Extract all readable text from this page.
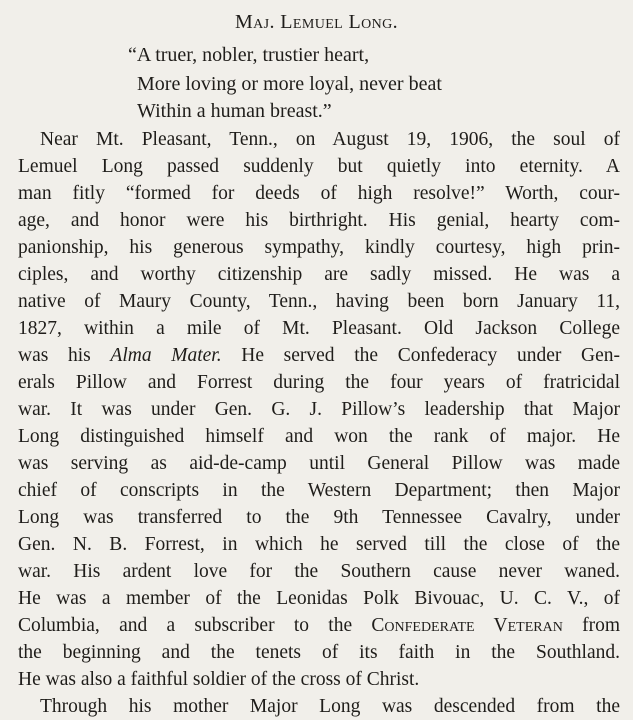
Maj. Lemuel Long.
“A truer, nobler, trustier heart,
More loving or more loyal, never beat
Within a human breast.”
Near Mt. Pleasant, Tenn., on August 19, 1906, the soul of
Lemuel Long passed suddenly but quietly into eternity. A
man fitly “formed for deeds of high resolve!” Worth, cour-
age, and honor were his birthright. His genial, hearty com-
panionship, his generous sympathy, kindly courtesy, high prin-
ciples, and worthy citizenship are sadly missed. He was a
native of Maury County, Tenn., having been born January 11,
1827, within a mile of Mt. Pleasant. Old Jackson College
was his Alma Mater. He served the Confederacy under Gen-
erals Pillow and Forrest during the four years of fratricidal
war. It was under Gen. G. J. Pillow’s leadership that Major
Long distinguished himself and won the rank of major. He
was serving as aid-de-camp until General Pillow was made
chief of conscripts in the Western Department; then Major
Long was transferred to the 9th Tennessee Cavalry, under
Gen. N. B. Forrest, in which he served till the close of the
war. His ardent love for the Southern cause never waned.
He was a member of the Leonidas Polk Bivouac, U. C. V., of
Columbia, and a subscriber to the Confederate Veteran from
the beginning and the tenets of its faith in the Southland.
He was also a faithful soldier of the cross of Christ.
Through his mother Major Long was descended from the
